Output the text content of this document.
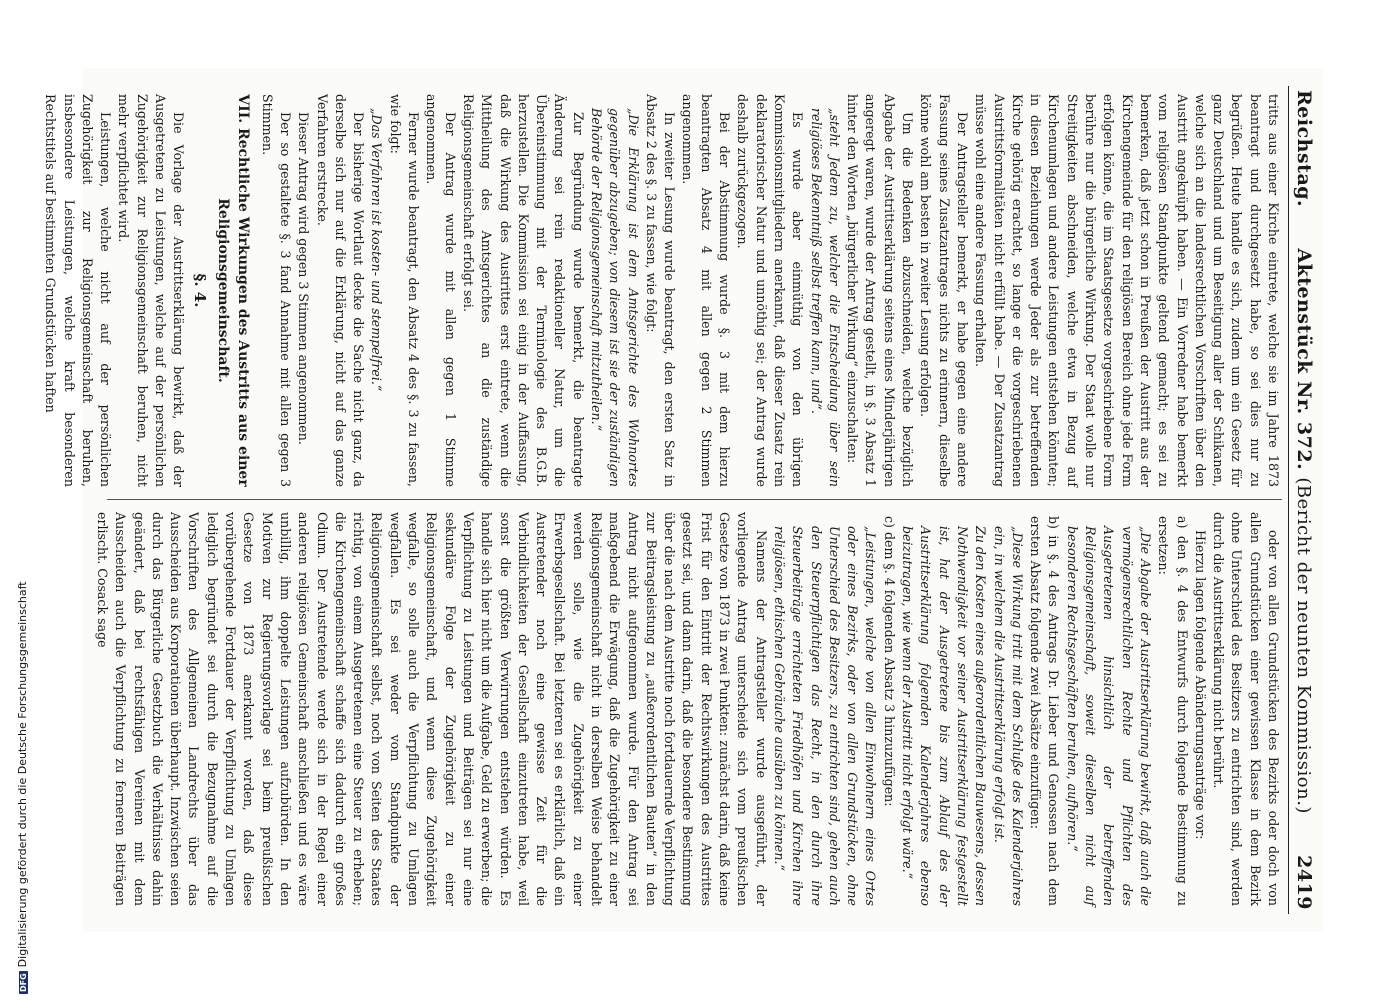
DFGDigitalisierung gefördert durch die Deutsche Forschungsgemeinschaft
Reichstag.
Aktenstück Nr. 372. (Bericht der neunten Kommission.)
2419

tritts aus einer Kirche eintrete, welche sie im Jahre 1873 beantragt und durchgesetzt habe, so sei dies nur zu begrüßen. Heute handle es sich, zudem um ein Gesetz für ganz Deutschland und um Beseitigung aller der Schikanen, welche sich an die landesrechtlichen Vorschriften über den Austritt angeknüpft haben. — Ein Vorredner habe bemerkt vom religiösen Standpunkte geltend gemacht; es sei zu bemerken, daß jetzt schon in Preußen der Austritt aus der Kirchengemeinde für den religiösen Bereich ohne jede Form erfolgen könne, die im Staatsgesetze vorgeschriebene Form berühre nur die bürgerliche Wirkung. Der Staat wolle nur Streitigkeiten abschneiden, welche etwa in Bezug auf Kirchenumlagen und andere Leistungen entstehen könnten; in diesen Beziehungen werde Jeder als zur betreffenden Kirche gehörig erachtet, so lange er die vorgeschriebenen Austrittsformalitäten nicht erfüllt habe. — Der Zusatzantrag müsse wohl eine andere Fassung erhalten.

Der Antragsteller bemerkt, er habe gegen eine andere Fassung seines Zusatzantrages nichts zu erinnern, dieselbe könne wohl am besten in zweiter Lesung erfolgen.

Um die Bedenken abzuschneiden, welche bezüglich Abgabe der Austrittserklärung seitens eines Minderjährigen angeregt waren, wurde der Antrag gestellt, in §. 3 Absatz 1 hinter den Worten „bürgerlicher Wirkung“ einzuschalten:

„steht Jedem zu, welcher die Entscheidung über sein religiöses Bekenntniß selbst treffen kann, und“.

Es wurde aber einmüthig von den übrigen Kommissionsmitgliedern anerkannt, daß dieser Zusatz rein deklaratorischer Natur und unnöthig sei; der Antrag wurde deshalb zurückgezogen.

Bei der Abstimmung wurde §. 3 mit dem hierzu beantragten Absatz 4 mit allen gegen 2 Stimmen angenommen.

In zweiter Lesung wurde beantragt, den ersten Satz in Absatz 2 des §. 3 zu fassen, wie folgt:

„Die Erklärung ist dem Amtsgerichte des Wohnortes gegenüber abzugeben; von diesem ist sie der zuständigen Behörde der Religionsgemeinschaft mitzutheilen.“

Zur Begründung wurde bemerkt, die beantragte Änderung sei rein redaktioneller Natur, um die Übereinstimmung mit der Terminologie des B.G.B. herzustellen. Die Kommission sei einig in der Auffassung, daß die Wirkung des Austrittes erst eintrete, wenn die Mittheilung des Amtsgerichtes an die zuständige Religionsgemeinschaft erfolgt sei.

Der Antrag wurde mit allen gegen 1 Stimme angenommen.

Ferner wurde beantragt, den Absatz 4 des §. 3 zu fassen, wie folgt:

„Das Verfahren ist kosten- und stempelfrei.“

Der bisherige Wortlaut decke die Sache nicht ganz, da derselbe sich nur auf die Erklärung, nicht auf das ganze Verfahren erstrecke.

Dieser Antrag wird gegen 3 Stimmen angenommen.

Der so gestaltete §. 3 fand Annahme mit allen gegen 3 Stimmen.

VII. Rechtliche Wirkungen des Austritts aus einer Religionsgemeinschaft.
§. 4.

Die Vorlage der Austrittserklärung bewirkt, daß der Ausgetretene zu Leistungen, welche auf der persönlichen Zugehörigkeit zur Religionsgemeinschaft beruhen, nicht mehr verpflichtet wird.

Leistungen, welche nicht auf der persönlichen Zugehörigkeit zur Religionsgemeinschaft beruhen, insbesondere Leistungen, welche kraft besonderen Rechtstitels auf bestimmten Grundstücken haften

oder von allen Grundstücken des Bezirks oder doch von allen Grundstücken einer gewissen Klasse in dem Bezirk ohne Unterschied des Besitzers zu entrichten sind, werden durch die Austrittserklärung nicht berührt.

Hierzu lagen folgende Abänderungsanträge vor:

a) den §. 4 des Entwurfs durch folgende Bestimmung zu ersetzen:

„Die Abgabe der Austrittserklärung bewirkt, daß auch die vermögensrechtlichen Rechte und Pflichten des Ausgetretenen hinsichtlich der betreffenden Religionsgemeinschaft, soweit dieselben nicht auf besonderen Rechtsgeschäften beruhen, aufhören.“

b) in §. 4 des Antrags Dr. Lieber und Genossen nach dem ersten Absatz folgende zwei Absätze einzufügen:

„Diese Wirkung tritt mit dem Schluße des Kalenderjahres ein, in welchem die Austrittserklärung erfolgt ist.

Zu den Kosten eines außerordentlichen Bauwesens, dessen Nothwendigkeit vor seiner Austrittserklärung festgestellt ist, hat der Ausgetretene bis zum Ablauf des der Austrittserklärung folgenden Kalenderjahres ebenso beizutragen, wie wenn der Austritt nicht erfolgt wäre.“

c) dem §. 4 folgenden Absatz 3 hinzuzufügen:

„Leistungen, welche von allen Einwohnern eines Ortes oder eines Bezirks, oder von allen Grundstücken, ohne Unterschied des Besitzers, zu entrichten sind, gehen auch den Steuerpflichtigen das Recht, in den durch ihre Steuerbeiträge errichteten Friedhöfen und Kirchen ihre religiösen, ethischen Gebräuche ausüben zu können.“

Namens der Antragsteller wurde ausgeführt, der vorliegende Antrag unterscheide sich vom preußischen Gesetze von 1873 in zwei Punkten: zunächst darin, daß keine Frist für den Eintritt der Rechtswirkungen des Austrittes gesetzt sei, und dann darin, daß die besondere Bestimmung über die nach dem Austritte noch fortdauernde Verpflichtung zur Beitragsleistung zu „außerordentlichen Bauten“ in den Antrag nicht aufgenommen wurde. Für den Antrag sei maßgebend die Erwägung, daß die Zugehörigkeit zu einer Religionsgemeinschaft nicht in derselben Weise behandelt werden solle, wie die Zugehörigkeit zu einer Erwerbsgesellschaft. Bei letzteren sei es erklärlich, daß ein Austretender noch eine gewisse Zeit für die Verbindlichkeiten der Gesellschaft einzutreten habe, weil sonst die größten Verwirrungen entstehen würden. Es handle sich hier nicht um die Aufgabe, Geld zu erwerben; die Verpflichtung zu Leistungen und Beiträgen sei nur eine sekundäre Folge der Zugehörigkeit zu einer Religionsgemeinschaft, und wenn diese Zugehörigkeit wegfalle, so solle auch die Verpflichtung zu Umlagen wegfallen. Es sei weder vom Standpunkte der Religionsgemeinschaft selbst, noch von Seiten des Staates richtig, von einem Ausgetretenen eine Steuer zu erheben; die Kirchengemeinschaft schaffe sich dadurch ein großes Odium. Der Austretende werde sich in der Regel einer anderen religiösen Gemeinschaft anschließen und es wäre unbillig, ihm doppelte Leistungen aufzubürden. In den Motiven zur Regierungsvorlage sei beim preußischen Gesetze von 1873 anerkannt worden, daß diese vorübergehende Fortdauer der Verpflichtung zu Umlagen lediglich begründet sei durch die Bezugnahme auf die Vorschriften des Allgemeinen Landrechts über das Ausscheiden aus Korporationen überhaupt. Inzwischen seien durch das Bürgerliche Gesetzbuch die Verhältnisse dahin geändert, daß bei rechtsfähigen Vereinen mit dem Ausscheiden auch die Verpflichtung zu ferneren Beiträgen erlischt. Cosack sage
